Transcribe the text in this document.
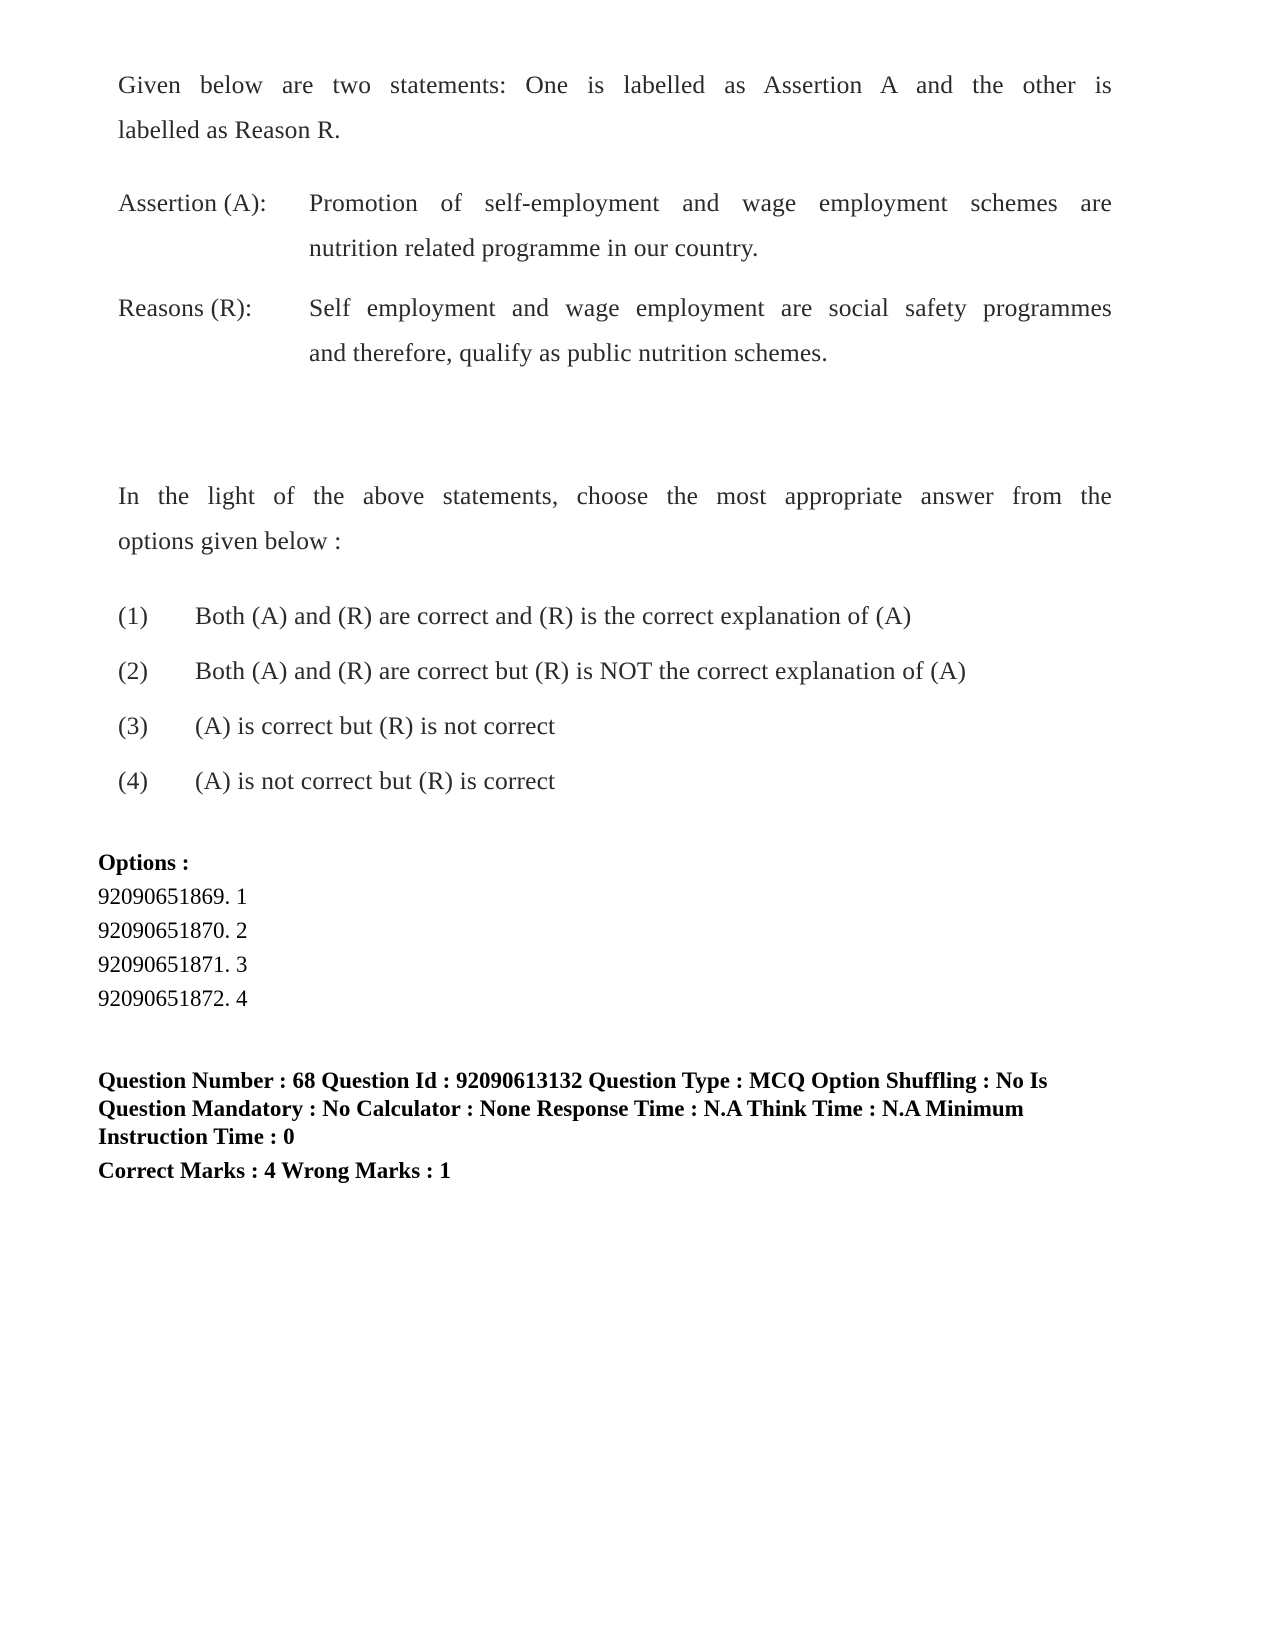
Given below are two statements: One is labelled as Assertion A and the other is
labelled as Reason R.
Assertion (A): Promotion of self-employment and wage employment schemes are
nutrition related programme in our country.
Reasons (R): Self employment and wage employment are social safety programmes
and therefore, qualify as public nutrition schemes.
In the light of the above statements, choose the most appropriate answer from the
options given below :
(1) Both (A) and (R) are correct and (R) is the correct explanation of (A)
(2) Both (A) and (R) are correct but (R) is NOT the correct explanation of (A)
(3) (A) is correct but (R) is not correct
(4) (A) is not correct but (R) is correct
Options :
92090651869. 1
92090651870. 2
92090651871. 3
92090651872. 4
Question Number : 68 Question Id : 92090613132 Question Type : MCQ Option Shuffling : No Is
Question Mandatory : No Calculator : None Response Time : N.A Think Time : N.A Minimum
Instruction Time : 0
Correct Marks : 4 Wrong Marks : 1
